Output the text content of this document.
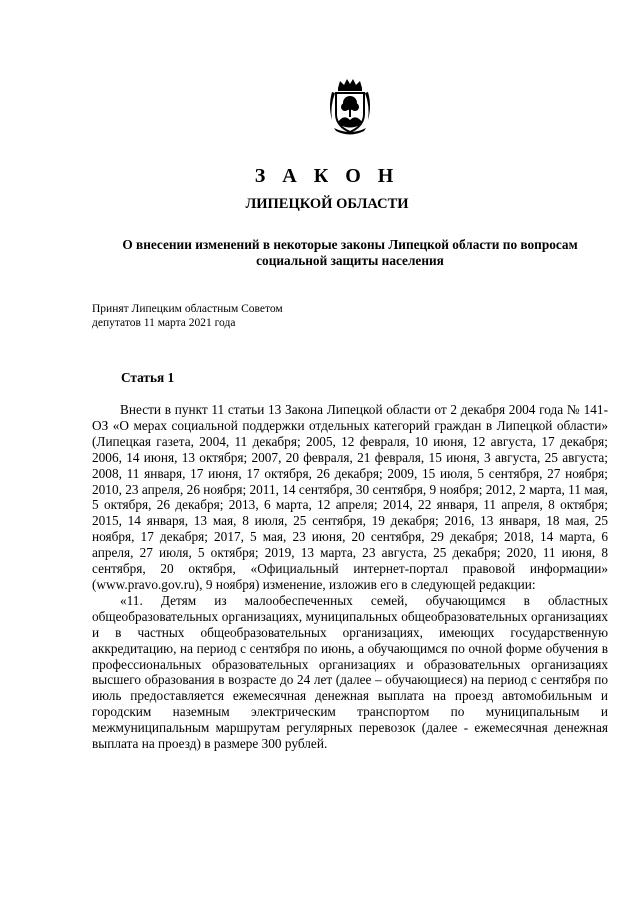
З А К О Н
ЛИПЕЦКОЙ ОБЛАСТИ
О внесении изменений в некоторые законы Липецкой области по вопросам социальной защиты населения
Принят Липецким областным Советом
депутатов 11 марта 2021 года
Статья 1

Внести в пункт 11 статьи 13 Закона Липецкой области от 2 декабря 2004 года № 141-ОЗ «О мерах социальной поддержки отдельных категорий граждан в Липецкой области» (Липецкая газета, 2004, 11 декабря; 2005, 12 февраля, 10 июня, 12 августа, 17 декабря; 2006, 14 июня, 13 октября; 2007, 20 февраля, 21 февраля, 15 июня, 3 августа, 25 августа; 2008, 11 января, 17 июня, 17 октября, 26 декабря; 2009, 15 июля, 5 сентября, 27 ноября; 2010, 23 апреля, 26 ноября; 2011, 14 сентября, 30 сентября, 9 ноября; 2012, 2 марта, 11 мая, 5 октября, 26 декабря; 2013, 6 марта, 12 апреля; 2014, 22 января, 11 апреля, 8 октября; 2015, 14 января, 13 мая, 8 июля, 25 сентября, 19 декабря; 2016, 13 января, 18 мая, 25 ноября, 17 декабря; 2017, 5 мая, 23 июня, 20 сентября, 29 декабря; 2018, 14 марта, 6 апреля, 27 июля, 5 октября; 2019, 13 марта, 23 августа, 25 декабря; 2020, 11 июня, 8 сентября, 20 октября, «Официальный интернет-портал правовой информации» (www.pravo.gov.ru), 9 ноября) изменение, изложив его в следующей редакции:

«11. Детям из малообеспеченных семей, обучающимся в областных общеобразовательных организациях, муниципальных общеобразовательных организациях и в частных общеобразовательных организациях, имеющих государственную аккредитацию, на период с сентября по июнь, а обучающимся по очной форме обучения в профессиональных образовательных организациях и образовательных организациях высшего образования в возрасте до 24 лет (далее – обучающиеся) на период с сентября по июль предоставляется ежемесячная денежная выплата на проезд автомобильным и городским наземным электрическим транспортом по муниципальным и межмуниципальным маршрутам регулярных перевозок (далее - ежемесячная денежная выплата на проезд) в размере 300 рублей.
